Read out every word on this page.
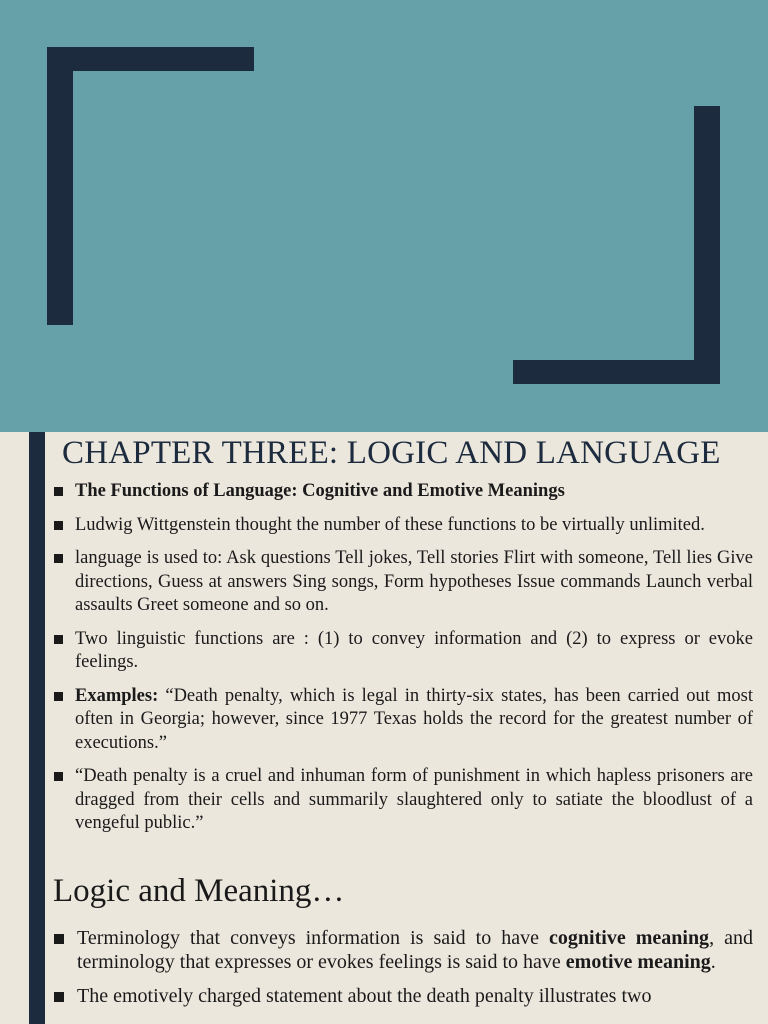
CHAPTER THREE: LOGIC AND LANGUAGE
The Functions of Language: Cognitive and Emotive Meanings
Ludwig Wittgenstein thought the number of these functions to be virtually unlimited.
language is used to: Ask questions Tell jokes, Tell stories Flirt with someone, Tell lies Give directions, Guess at answers Sing songs, Form hypotheses Issue commands Launch verbal assaults Greet someone and so on.
Two linguistic functions are : (1) to convey information and (2) to express or evoke feelings.
Examples: “Death penalty, which is legal in thirty-six states, has been carried out most often in Georgia; however, since 1977 Texas holds the record for the greatest number of executions.”
“Death penalty is a cruel and inhuman form of punishment in which hapless prisoners are dragged from their cells and summarily slaughtered only to satiate the bloodlust of a vengeful public.”
Logic and Meaning…
Terminology that conveys information is said to have cognitive meaning, and terminology that expresses or evokes feelings is said to have emotive meaning.
The emotively charged statement about the death penalty illustrates two
